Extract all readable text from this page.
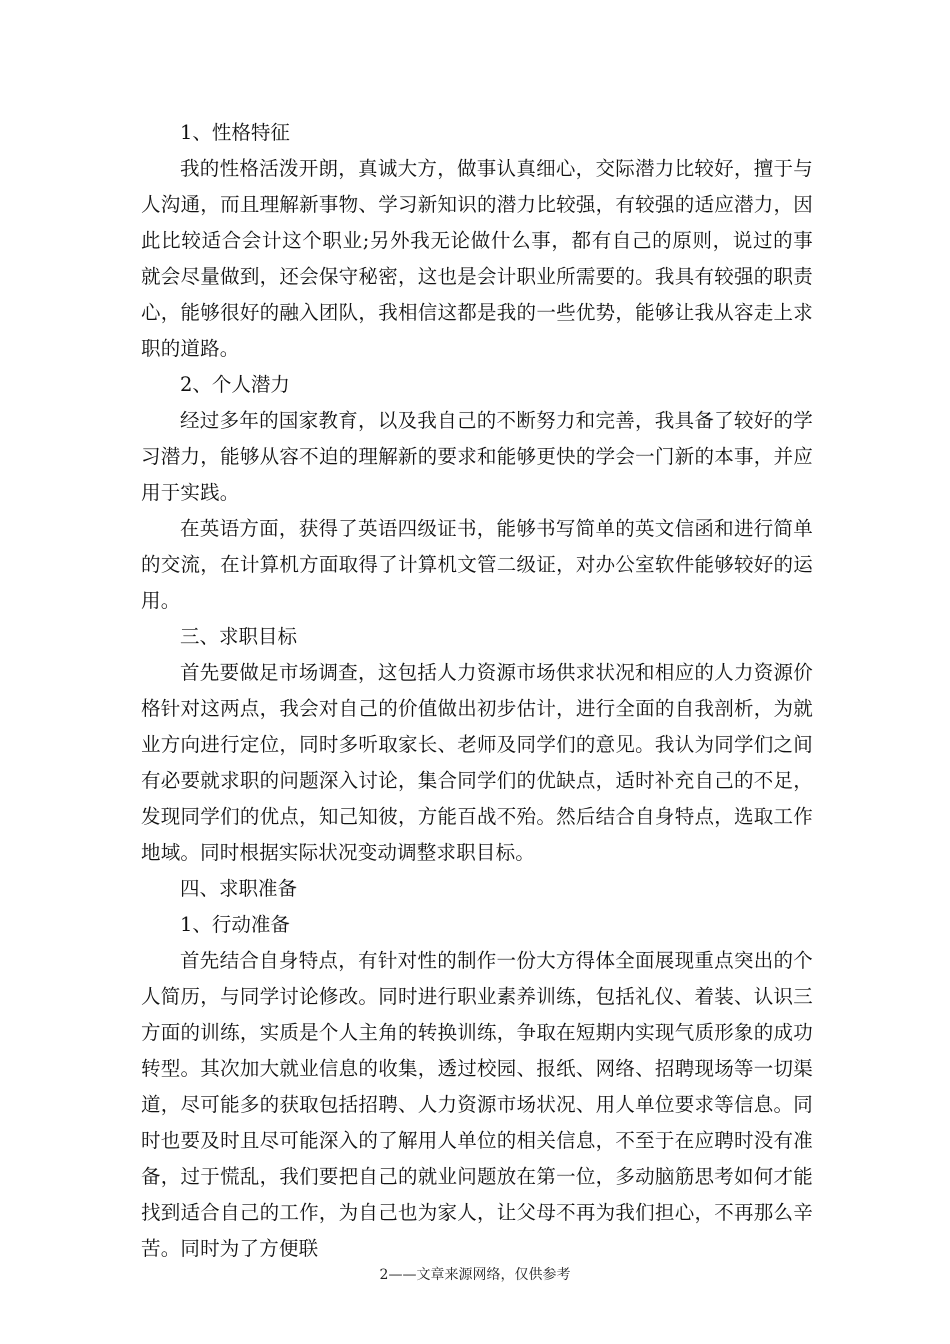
1、性格特征

我的性格活泼开朗，真诚大方，做事认真细心，交际潜力比较好，擅于与人沟通，而且理解新事物、学习新知识的潜力比较强，有较强的适应潜力，因此比较适合会计这个职业;另外我无论做什么事，都有自己的原则，说过的事就会尽量做到，还会保守秘密，这也是会计职业所需要的。我具有较强的职责心，能够很好的融入团队，我相信这都是我的一些优势，能够让我从容走上求职的道路。

2、个人潜力

经过多年的国家教育，以及我自己的不断努力和完善，我具备了较好的学习潜力，能够从容不迫的理解新的要求和能够更快的学会一门新的本事，并应用于实践。

在英语方面，获得了英语四级证书，能够书写简单的英文信函和进行简单的交流，在计算机方面取得了计算机文管二级证，对办公室软件能够较好的运用。

三、求职目标

首先要做足市场调查，这包括人力资源市场供求状况和相应的人力资源价格针对这两点，我会对自己的价值做出初步估计，进行全面的自我剖析，为就业方向进行定位，同时多听取家长、老师及同学们的意见。我认为同学们之间有必要就求职的问题深入讨论，集合同学们的优缺点，适时补充自己的不足，发现同学们的优点，知己知彼，方能百战不殆。然后结合自身特点，选取工作地域。同时根据实际状况变动调整求职目标。

四、求职准备

1、行动准备

首先结合自身特点，有针对性的制作一份大方得体全面展现重点突出的个人简历，与同学讨论修改。同时进行职业素养训练，包括礼仪、着装、认识三方面的训练，实质是个人主角的转换训练，争取在短期内实现气质形象的成功转型。其次加大就业信息的收集，透过校园、报纸、网络、招聘现场等一切渠道，尽可能多的获取包括招聘、人力资源市场状况、用人单位要求等信息。同时也要及时且尽可能深入的了解用人单位的相关信息，不至于在应聘时没有准备，过于慌乱，我们要把自己的就业问题放在第一位，多动脑筋思考如何才能找到适合自己的工作，为自己也为家人，让父母不再为我们担心，不再那么辛苦。同时为了方便联

2——文章来源网络，仅供参考
